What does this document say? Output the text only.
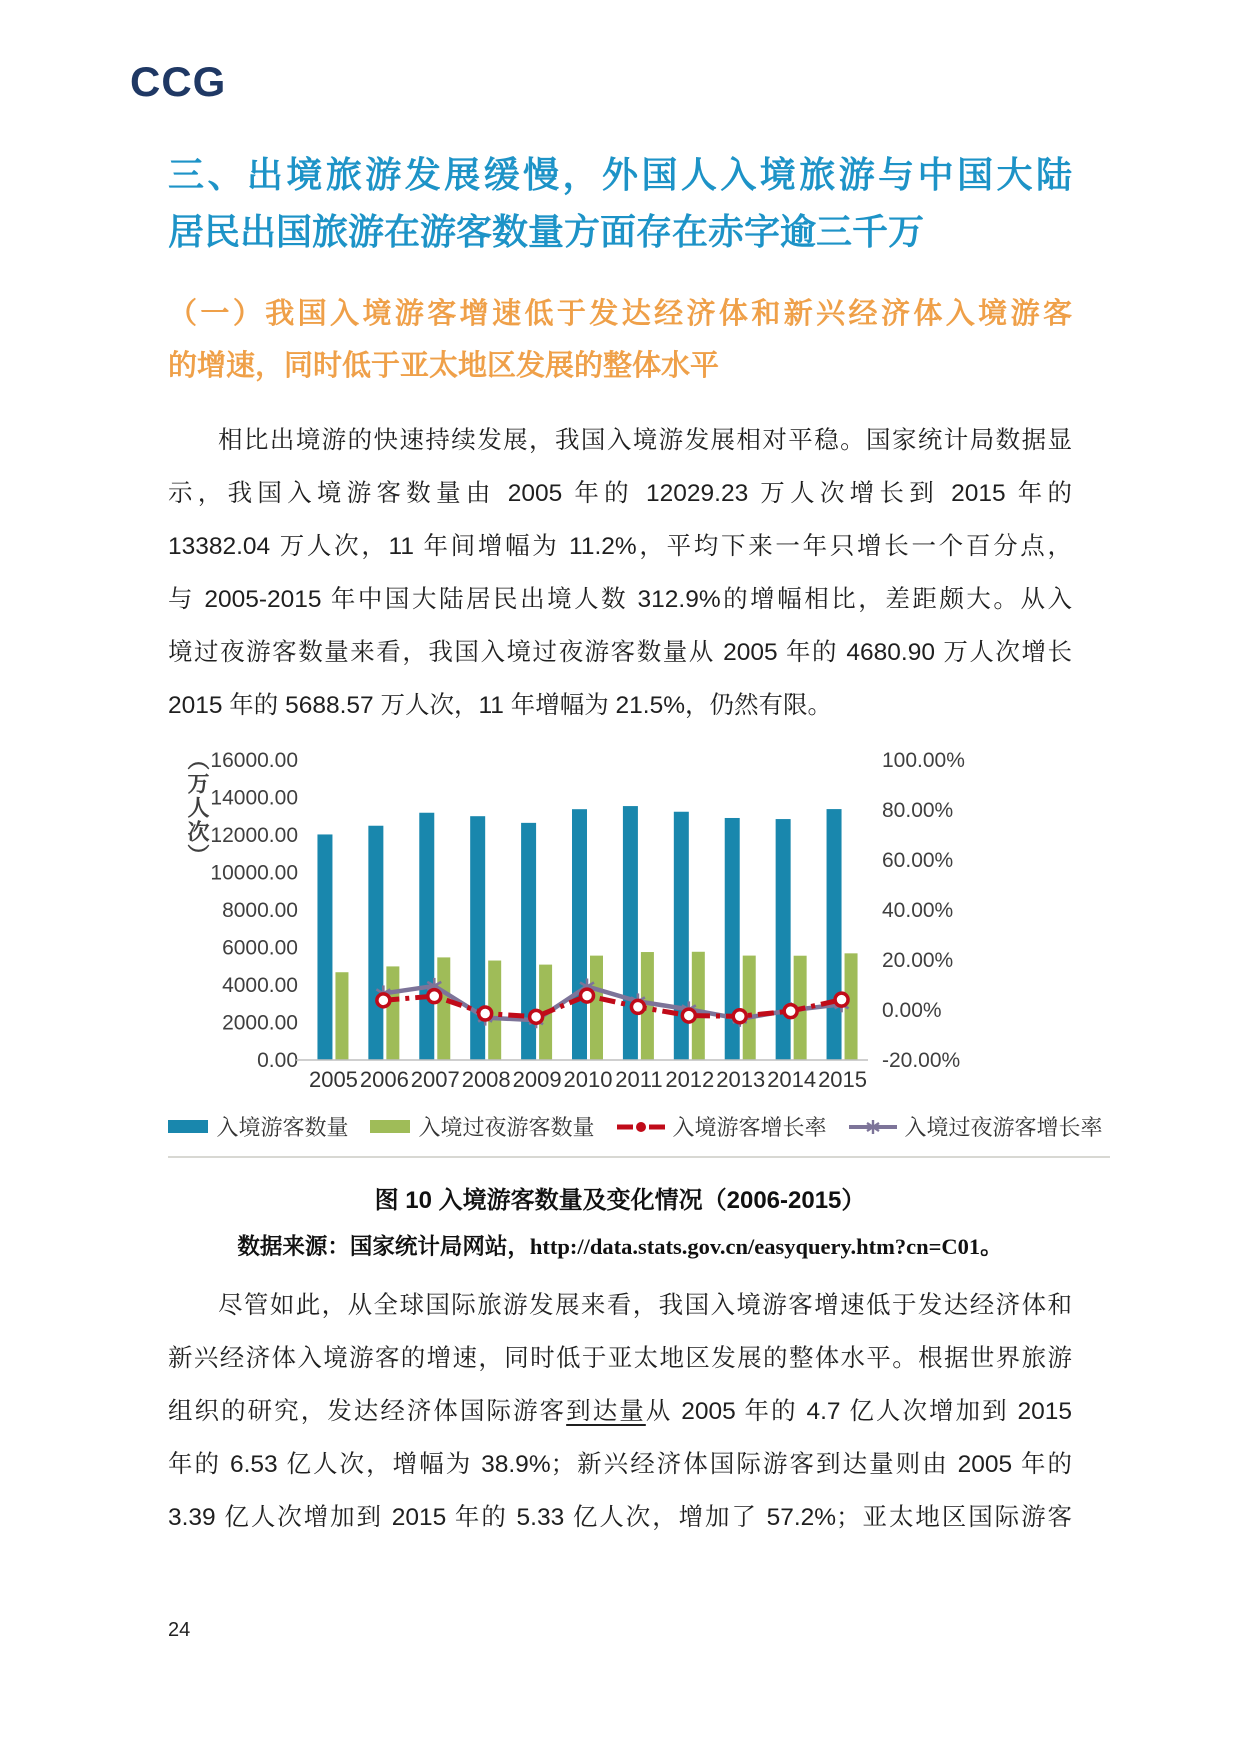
CCG
三、出境旅游发展缓慢，外国人入境旅游与中国大陆
居民出国旅游在游客数量方面存在赤字逾三千万
（一）我国入境游客增速低于发达经济体和新兴经济体入境游客
的增速，同时低于亚太地区发展的整体水平
相比出境游的快速持续发展，我国入境游发展相对平稳。国家统计局数据显
示，我国入境游客数量由 2005 年的 12029.23 万人次增长到 2015 年的
13382.04 万人次，11 年间增幅为 11.2%，平均下来一年只增长一个百分点，
与 2005-2015 年中国大陆居民出境人数 312.9%的增幅相比，差距颇大。从入
境过夜游客数量来看，我国入境过夜游客数量从 2005 年的 4680.90 万人次增长
2015 年的 5688.57 万人次，11 年增幅为 21.5%，仍然有限。
（万人次） 16000.00
14000.00
12000.00
10000.00
8000.00
6000.00
4000.00
2000.00
0.00
100.00%
80.00%
60.00%
40.00%
20.00%
0.00%
-20.00%
2005 2006 2007 2008 2009 2010 2011 2012 2013 2014 2015
入境游客数量	入境过夜游客数量	入境游客增长率	入境过夜游客增长率
图 10 入境游客数量及变化情况（2006-2015）
数据来源：国家统计局网站，http://data.stats.gov.cn/easyquery.htm?cn=C01。
尽管如此，从全球国际旅游发展来看，我国入境游客增速低于发达经济体和
新兴经济体入境游客的增速，同时低于亚太地区发展的整体水平。根据世界旅游
组织的研究，发达经济体国际游客到达量从 2005 年的 4.7 亿人次增加到 2015
年的 6.53 亿人次，增幅为 38.9%；新兴经济体国际游客到达量则由 2005 年的
3.39 亿人次增加到 2015 年的 5.33 亿人次，增加了 57.2%；亚太地区国际游客
24
